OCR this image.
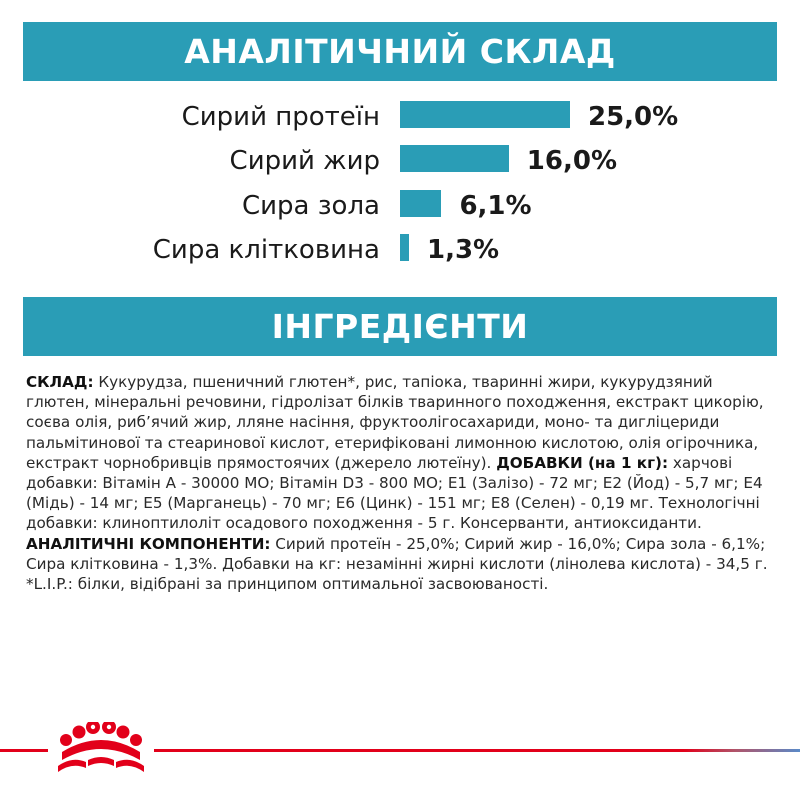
АНАЛІТИЧНИЙ СКЛАД
Сирий протеїн	25,0%
Сирий жир	16,0%
Сира зола	6,1%
Сира клітковина 1,3%
ІНГРЕДІЄНТИ
СКЛАД: Кукурудза, пшеничний глютен*, рис, тапіока, тваринні жири, кукурудзяний
глютен, мінеральні речовини, гідролізат білків тваринного походження, екстракт цикорію,
соєва олія, риб’ячий жир, лляне насіння, фруктоолігосахариди, моно- та дигліцериди
пальмітинової та стеаринової кислот, етерифіковані лимонною кислотою, олія огірочника,
екстракт чорнобривців прямостоячих (джерело лютеїну). ДОБАВКИ (на 1 кг): харчові
добавки: Вітамін A - 30000 МО; Вітамін D3 - 800 МО; E1 (Залізо) - 72 мг; E2 (Йод) - 5,7 мг; E4
(Мідь) - 14 мг; E5 (Марганець) - 70 мг; E6 (Цинк) - 151 мг; E8 (Селен) - 0,19 мг. Технологічні
добавки: клиноптилоліт осадового походження - 5 г. Консерванти, антиоксиданти.
АНАЛІТИЧНІ КОМПОНЕНТИ: Сирий протеїн - 25,0%; Сирий жир - 16,0%; Сира зола - 6,1%;
Сира клітковина - 1,3%. Добавки на кг: незамінні жирні кислоти (лінолева кислота) - 34,5 г.
*L.I.P.: білки, відібрані за принципом оптимальної засвоюваності.
